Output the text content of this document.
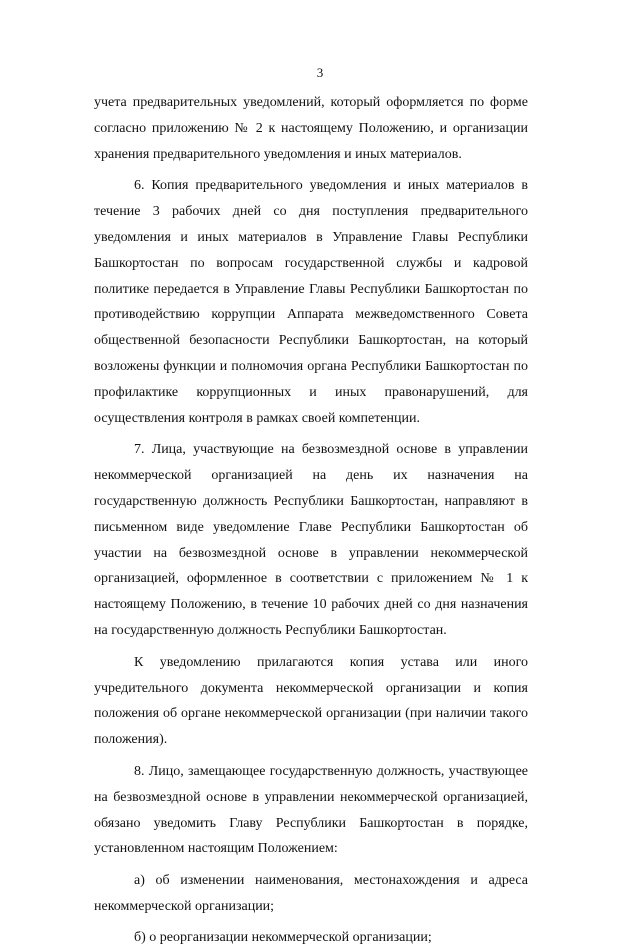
3

учета предварительных уведомлений, который оформляется по форме согласно приложению № 2 к настоящему Положению, и организации хранения предварительного уведомления и иных материалов.

6. Копия предварительного уведомления и иных материалов в течение 3 рабочих дней со дня поступления предварительного уведомления и иных материалов в Управление Главы Республики Башкортостан по вопросам государственной службы и кадровой политике передается в Управление Главы Республики Башкортостан по противодействию коррупции Аппарата межведомственного Совета общественной безопасности Республики Башкортостан, на который возложены функции и полномочия органа Республики Башкортостан по профилактике коррупционных и иных правонарушений, для осуществления контроля в рамках своей компетенции.

7. Лица, участвующие на безвозмездной основе в управлении некоммерческой организацией на день их назначения на государственную должность Республики Башкортостан, направляют в письменном виде уведомление Главе Республики Башкортостан об участии на безвозмездной основе в управлении некоммерческой организацией, оформленное в соответствии с приложением № 1 к настоящему Положению, в течение 10 рабочих дней со дня назначения на государственную должность Республики Башкортостан.

К уведомлению прилагаются копия устава или иного учредительного документа некоммерческой организации и копия положения об органе некоммерческой организации (при наличии такого положения).

8. Лицо, замещающее государственную должность, участвующее на безвозмездной основе в управлении некоммерческой организацией, обязано уведомить Главу Республики Башкортостан в порядке, установленном настоящим Положением:

а) об изменении наименования, местонахождения и адреса некоммерческой организации;

б) о реорганизации некоммерческой организации;
